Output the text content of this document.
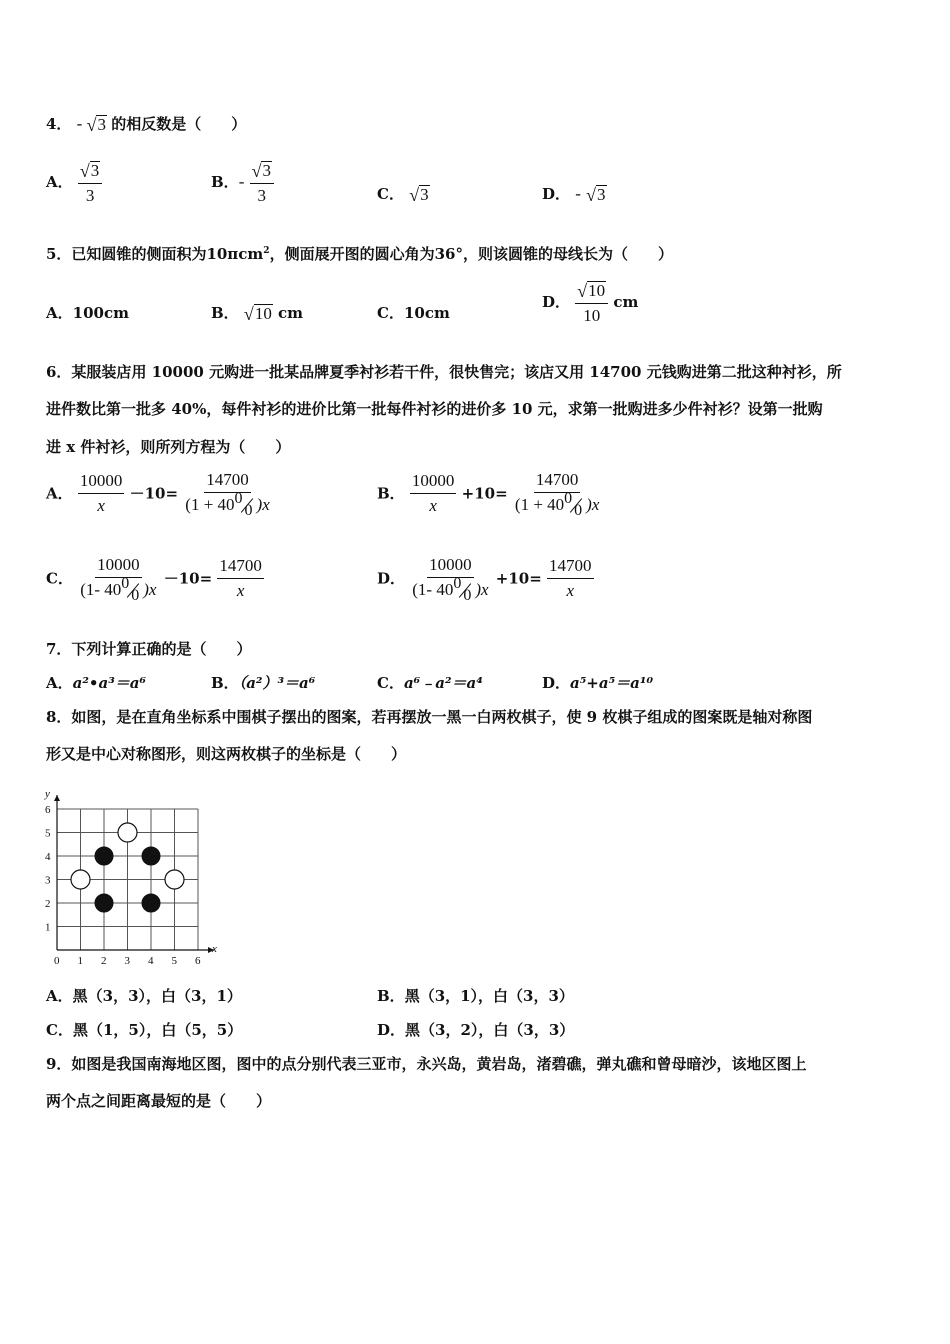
4． - √ 3 的相反数是（　　）
A． $\frac{√ 3}{3}$	B．- $\frac{√ 3}{3}$	C． √ 3	D． - √ 3
5．已知圆锥的侧面积为10πcm$^2$，侧面展开图的圆心角为36°，则该圆锥的母线长为（　　）
A．100cm	B． √ 10 cm	C．10cm
D． $\frac{√ 10}{10}$ cm
6．某服装店用 10000 元购进一批某品牌夏季衬衫若干件，很快售完；该店又用 14700 元钱购进第二批这种衬衫，所
进件数比第一批多 40%，每件衬衫的进价比第一批每件衬衫的进价多 10 元，求第一批购进多少件衬衫？设第一批购
进 x 件衬衫，则所列方程为（　　）
A． $\frac{10000}{x} -10= 14700$
(1 + 40 0
0 )x	B． $\frac{10000}{x} +10= 14700$
(1 + 40 0
0 )x
C． 10000
(1- 40 0
0 )$x -10= \frac{14700}{x}$	D． 10000
(1- 40 0
0 )$x +10= \frac{14700}{x}$
7．下列计算正确的是（　　）
A．a²•a³＝a⁶	B．（a²）³＝a⁶	C．a⁶﹣a²＝a⁴	D．a⁵+a⁵＝a¹⁰
8．如图，是在直角坐标系中围棋子摆出的图案，若再摆放一黑一白两枚棋子，使 9 枚棋子组成的图案既是轴对称图
形又是中心对称图形，则这两枚棋子的坐标是（　　）
0 1 2 3 4 5 6
1
2
3
4
5
6
x
y
A．黑（3，3），白（3，1）	B．黑（3，1），白（3，3）
C．黑（1，5），白（5，5）	D．黑（3，2），白（3，3）
9．如图是我国南海地区图，图中的点分别代表三亚市，永兴岛，黄岩岛，渚碧礁，弹丸礁和曾母暗沙，该地区图上
两个点之间距离最短的是（　　）
